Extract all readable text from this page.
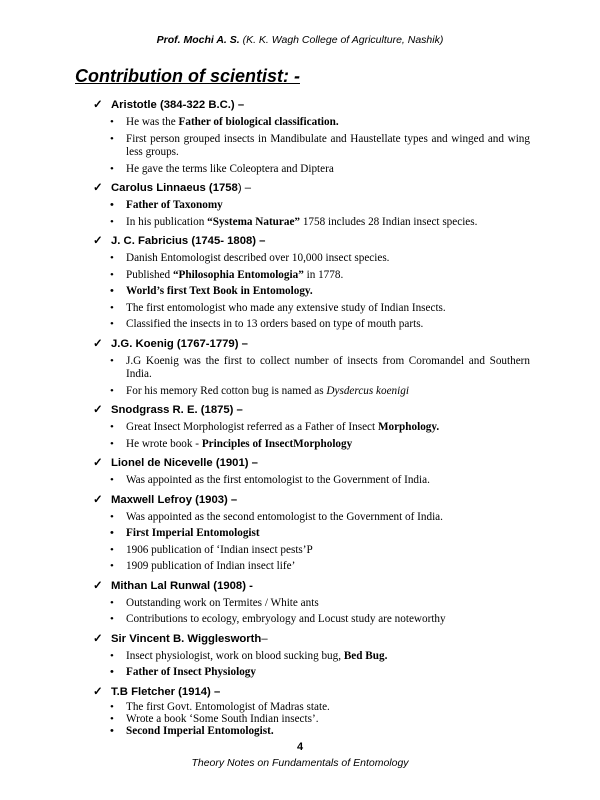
Prof. Mochi A. S. (K. K. Wagh College of Agriculture, Nashik)
Contribution of scientist: -
✓ Aristotle (384-322 B.C.) –
• He was the Father of biological classification.
• First person grouped insects in Mandibulate and Haustellate types and winged and wing less groups.
• He gave the terms like Coleoptera and Diptera
✓ Carolus Linnaeus (1758) –
• Father of Taxonomy
• In his publication “Systema Naturae” 1758 includes 28 Indian insect species.
✓ J. C. Fabricius (1745- 1808) –
• Danish Entomologist described over 10,000 insect species.
• Published “Philosophia Entomologia” in 1778.
• World’s first Text Book in Entomology.
• The first entomologist who made any extensive study of Indian Insects.
• Classified the insects in to 13 orders based on type of mouth parts.
✓ J.G. Koenig (1767-1779) –
• J.G Koenig was the first to collect number of insects from Coromandel and Southern India.
• For his memory Red cotton bug is named as Dysdercus koenigi
✓ Snodgrass R. E. (1875) –
• Great Insect Morphologist referred as a Father of Insect Morphology.
• He wrote book - Principles of InsectMorphology
✓ Lionel de Nicevelle (1901) –
• Was appointed as the first entomologist to the Government of India.
✓ Maxwell Lefroy (1903) –
• Was appointed as the second entomologist to the Government of India.
• First Imperial Entomologist
• 1906 publication of ‘Indian insect pests’P
• 1909 publication of Indian insect life’
✓ Mithan Lal Runwal (1908) -
• Outstanding work on Termites / White ants
• Contributions to ecology, embryology and Locust study are noteworthy
✓ Sir Vincent B. Wigglesworth–
• Insect physiologist, work on blood sucking bug, Bed Bug.
• Father of Insect Physiology
✓ T.B Fletcher (1914) –
• The first Govt. Entomologist of Madras state.
• Wrote a book ‘Some South Indian insects’.
• Second Imperial Entomologist.
4
Theory Notes on Fundamentals of Entomology
